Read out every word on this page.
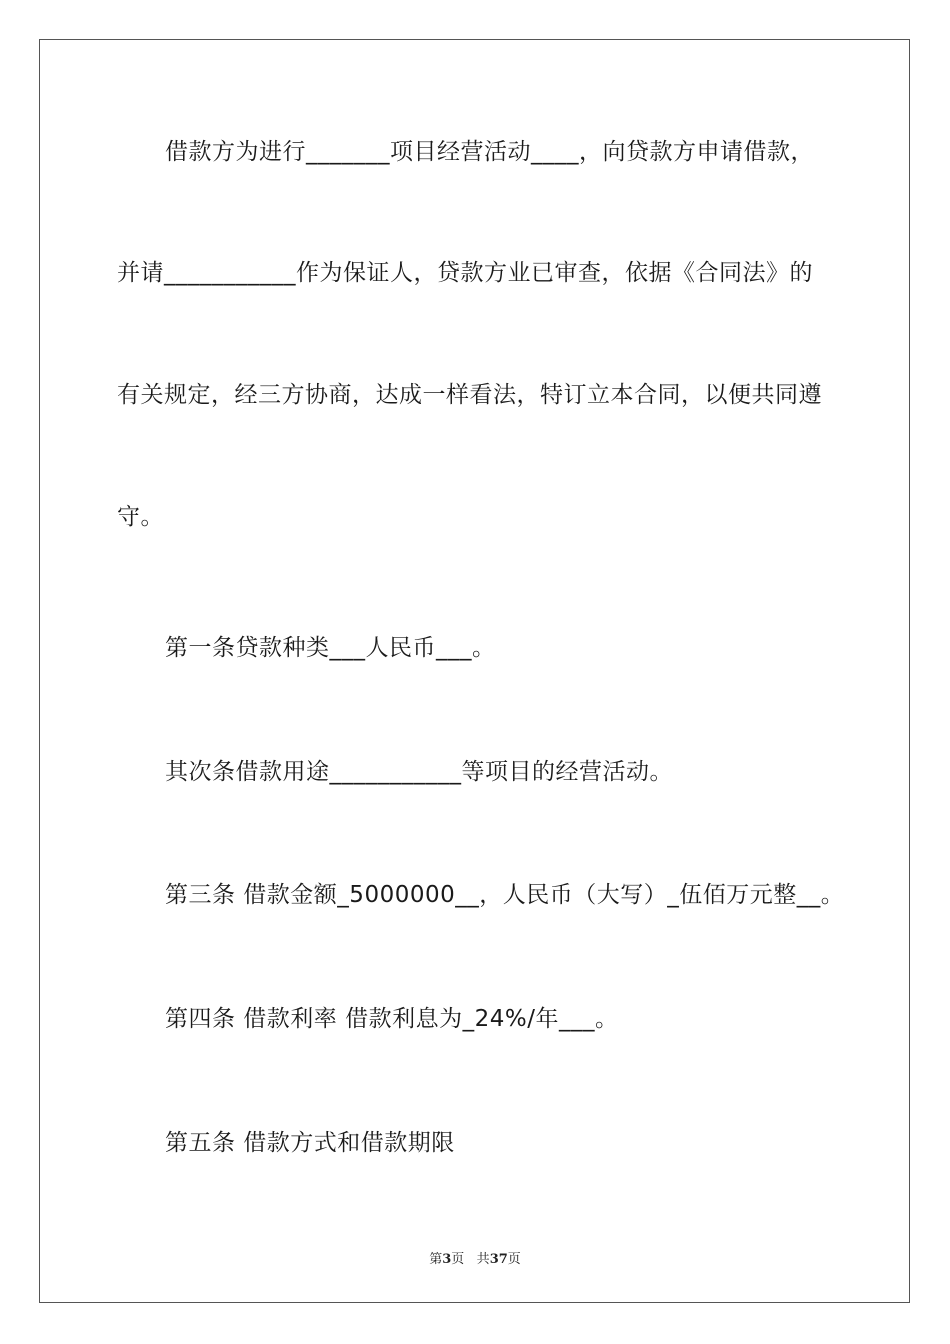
借款方为进行_______项目经营活动____，向贷款方申请借款，
并请___________作为保证人，贷款方业已审查，依据《合同法》的
有关规定，经三方协商，达成一样看法，特订立本合同，以便共同遵
守。
第一条贷款种类___人民币___。
其次条借款用途___________等项目的经营活动。
第三条 借款金额_5000000__，人民币（大写）_伍佰万元整__。
第四条 借款利率 借款利息为_24%/年___。
第五条 借款方式和借款期限
第3页 共37页
